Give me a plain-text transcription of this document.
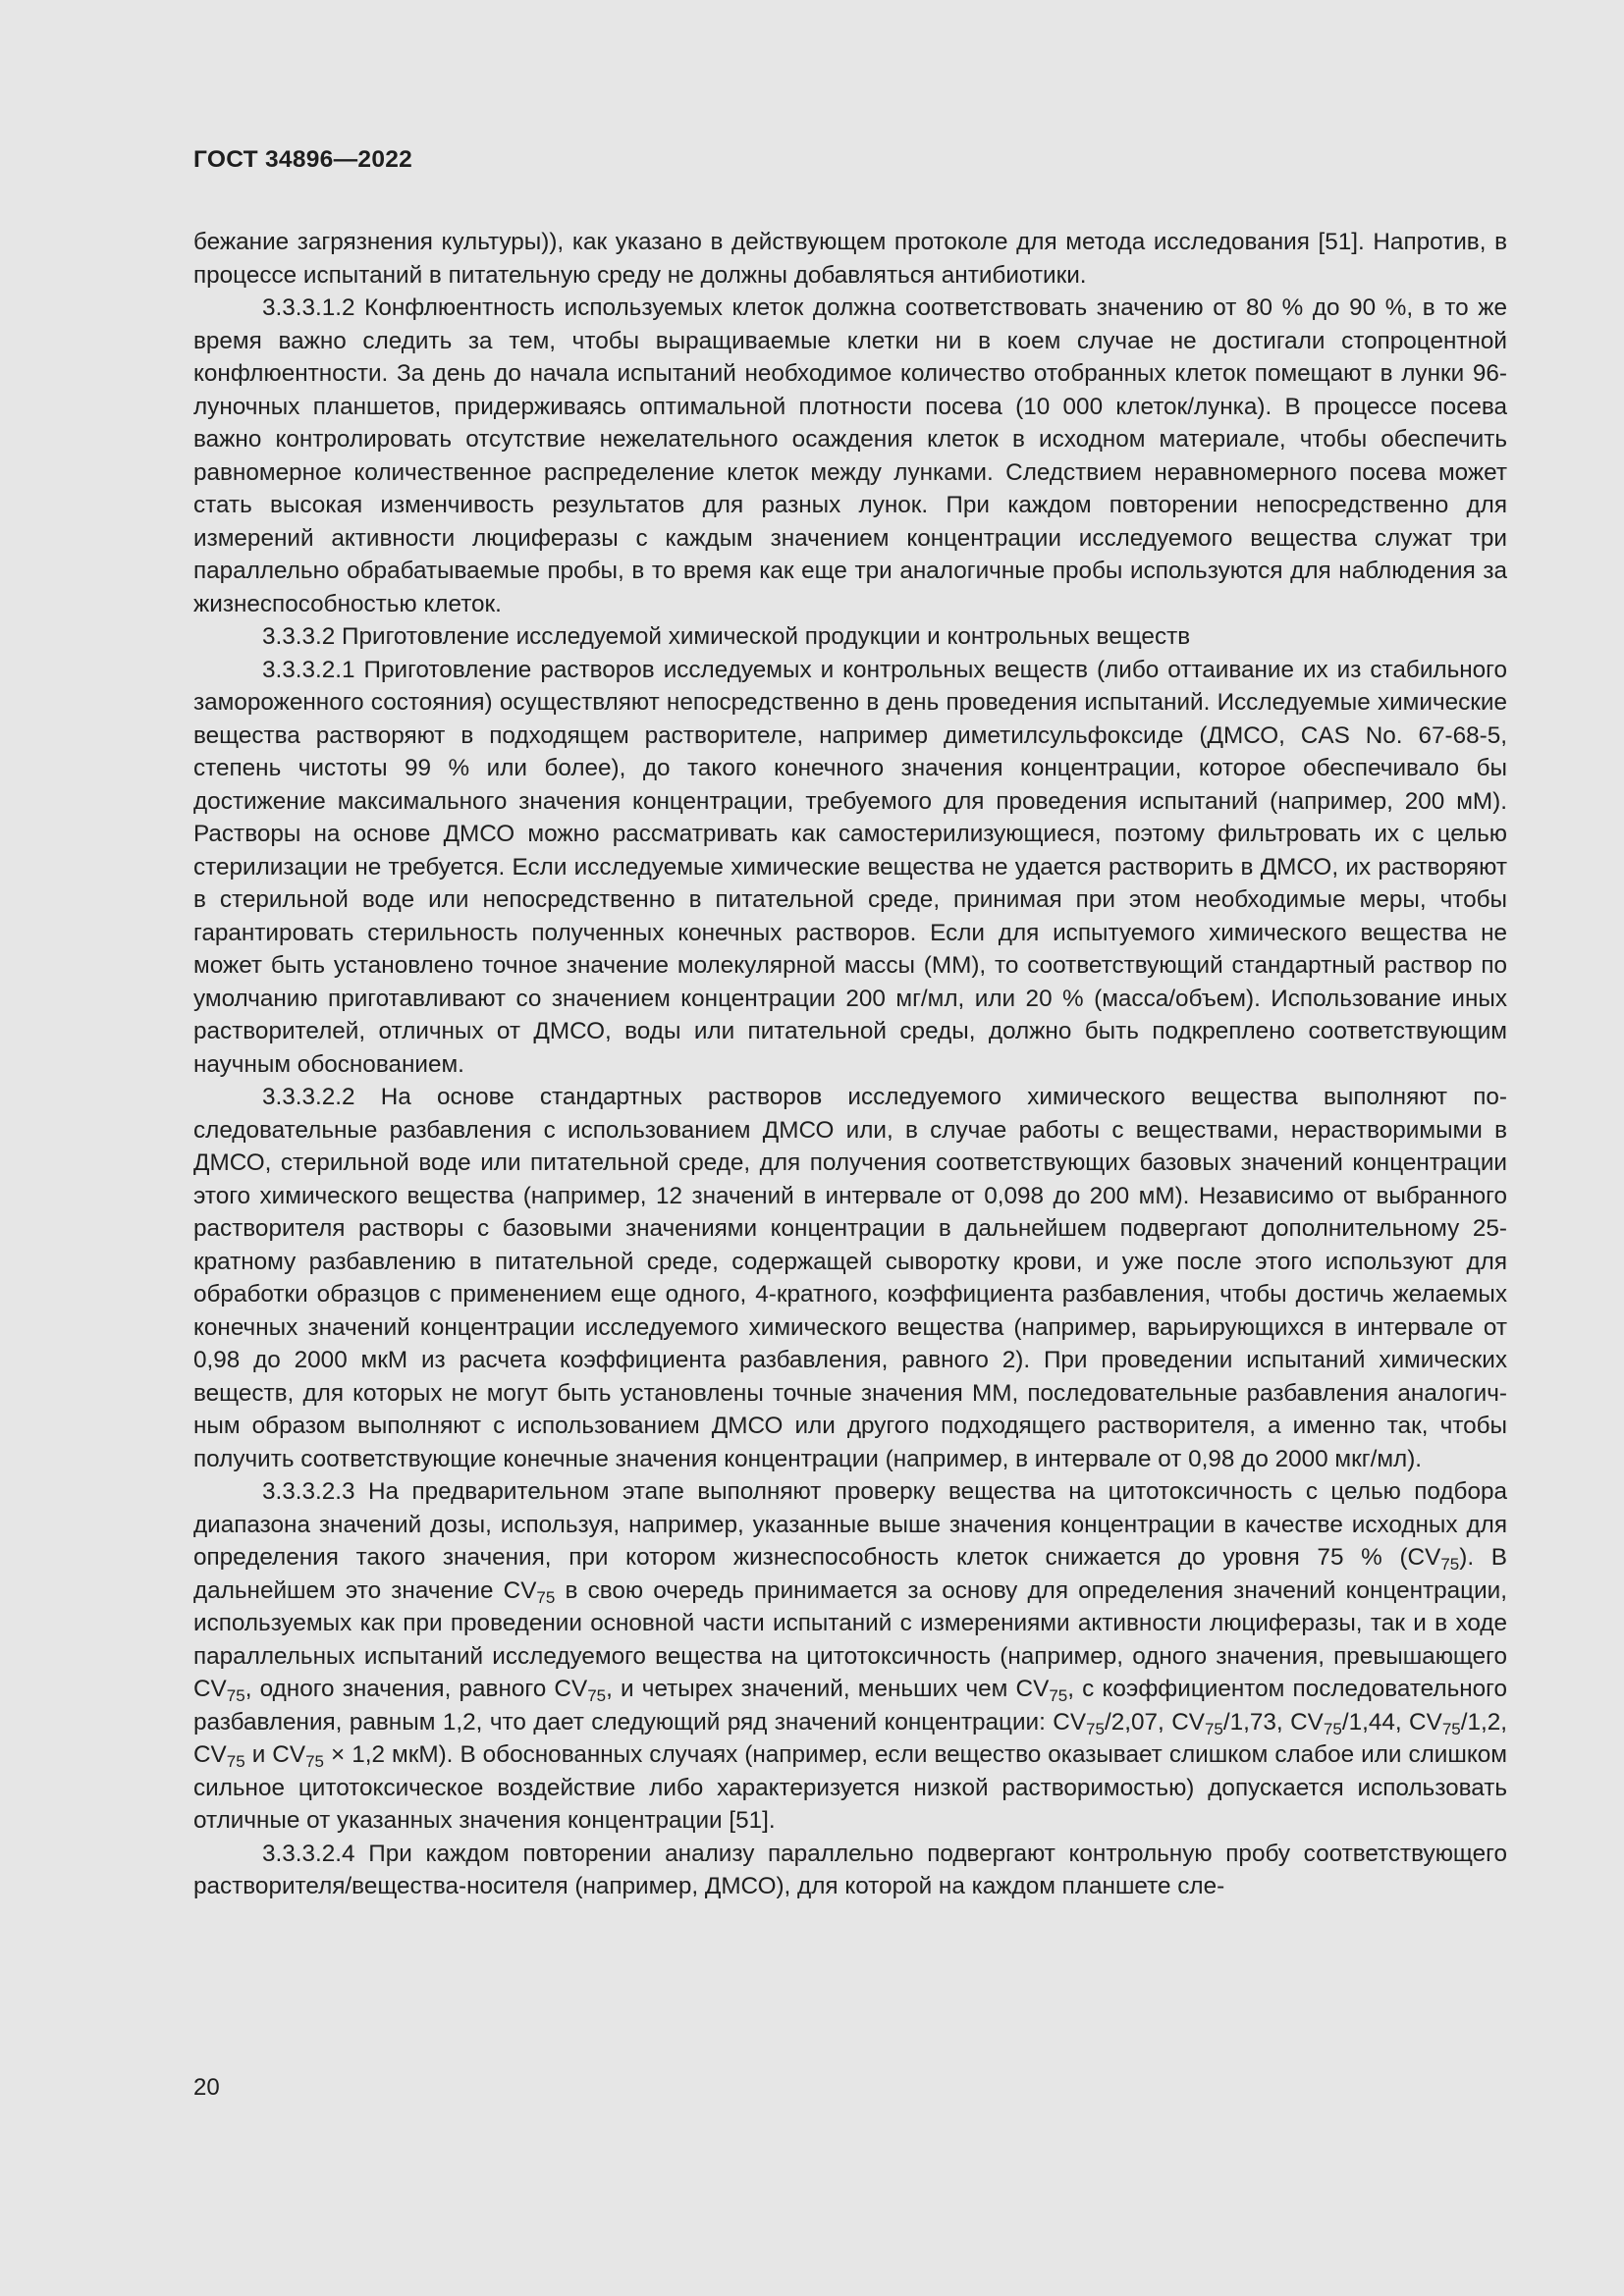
ГОСТ 34896—2022

бежание загрязнения культуры)), как указано в действующем протоколе для метода исследования [51]. Напротив, в процессе испытаний в питательную среду не должны добавляться антибиотики.

3.3.3.1.2 Конфлюентность используемых клеток должна соответствовать значению от 80 % до 90 %, в то же время важно следить за тем, чтобы выращиваемые клетки ни в коем случае не достигали стопроцентной конфлюентности. За день до начала испытаний необходимое количество отобранных клеток помещают в лунки 96-луночных планшетов, придерживаясь оптимальной плотности посева (10 000 клеток/лунка). В процессе посева важно контролировать отсутствие нежелательного осаждения клеток в исходном материале, чтобы обеспечить равномерное количественное распределение клеток между лунками. Следствием неравномерного посева может стать высокая изменчивость результатов для разных лунок. При каждом повторении непосредственно для измерений активности люциферазы с каждым значением концентрации исследуемого вещества служат три параллельно обрабатываемые пробы, в то время как еще три аналогичные пробы используются для наблюдения за жизнеспособностью клеток.

3.3.3.2 Приготовление исследуемой химической продукции и контрольных веществ

3.3.3.2.1 Приготовление растворов исследуемых и контрольных веществ (либо оттаивание их из стабильного замороженного состояния) осуществляют непосредственно в день проведения испытаний. Исследуемые химические вещества растворяют в подходящем растворителе, например диметилсульфоксиде (ДМСО, CAS No. 67-68-5, степень чистоты 99 % или более), до такого конечного значения концентрации, которое обеспечивало бы достижение максимального значения концентрации, требуемого для проведения испытаний (например, 200 мМ). Растворы на основе ДМСО можно рассматривать как самостерилизующиеся, поэтому фильтровать их с целью стерилизации не требуется. Если исследуемые химические вещества не удается растворить в ДМСО, их растворяют в стерильной воде или непосредственно в питательной среде, принимая при этом необходимые меры, чтобы гарантировать стерильность полученных конечных растворов. Если для испытуемого химического вещества не может быть установлено точное значение молекулярной массы (ММ), то соответствующий стандартный раствор по умолчанию приготавливают со значением концентрации 200 мг/мл, или 20 % (масса/объем). Использование иных растворителей, отличных от ДМСО, воды или питательной среды, должно быть подкреплено соответствующим научным обоснованием.

3.3.3.2.2 На основе стандартных растворов исследуемого химического вещества выполняют последовательные разбавления с использованием ДМСО или, в случае работы с веществами, нерастворимыми в ДМСО, стерильной воде или питательной среде, для получения соответствующих базовых значений концентрации этого химического вещества (например, 12 значений в интервале от 0,098 до 200 мМ). Независимо от выбранного растворителя растворы с базовыми значениями концентрации в дальнейшем подвергают дополнительному 25-кратному разбавлению в питательной среде, содержащей сыворотку крови, и уже после этого используют для обработки образцов с применением еще одного, 4-кратного, коэффициента разбавления, чтобы достичь желаемых конечных значений концентрации исследуемого химического вещества (например, варьирующихся в интервале от 0,98 до 2000 мкМ из расчета коэффициента разбавления, равного 2). При проведении испытаний химических веществ, для которых не могут быть установлены точные значения ММ, последовательные разбавления аналогичным образом выполняют с использованием ДМСО или другого подходящего растворителя, а именно так, чтобы получить соответствующие конечные значения концентрации (например, в интервале от 0,98 до 2000 мкг/мл).

3.3.3.2.3 На предварительном этапе выполняют проверку вещества на цитотоксичность с целью подбора диапазона значений дозы, используя, например, указанные выше значения концентрации в качестве исходных для определения такого значения, при котором жизнеспособность клеток снижается до уровня 75 % $(CV_{75})$. В дальнейшем это значение $CV_{75}$ в свою очередь принимается за основу для определения значений концентрации, используемых как при проведении основной части испытаний с измерениями активности люциферазы, так и в ходе параллельных испытаний исследуемого вещества на цитотоксичность (например, одного значения, превышающего $CV_{75}$, одного значения, равного $CV_{75}$, и четырех значений, меньших чем $CV_{75}$, с коэффициентом последовательного разбавления, равным 1,2, что дает следующий ряд значений концентрации: $CV_{75}/2,07$, $CV_{75}/1,73$, $CV_{75}/1,44$, $CV_{75}/1,2$, $CV_{75}$ и $CV_{75} \times 1,2$ мкМ). В обоснованных случаях (например, если вещество оказывает слишком слабое или слишком сильное цитотоксическое воздействие либо характеризуется низкой растворимостью) допускается использовать отличные от указанных значения концентрации [51].

3.3.3.2.4 При каждом повторении анализу параллельно подвергают контрольную пробу соответствующего растворителя/вещества-носителя (например, ДМСО), для которой на каждом планшете сле-

20
